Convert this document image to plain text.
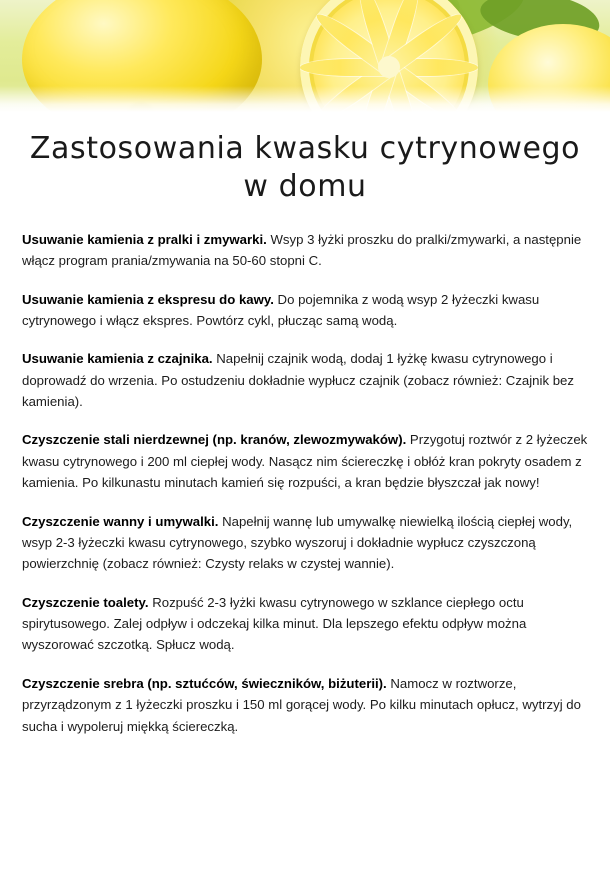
Zastosowania kwasku cytrynowego w domu

Usuwanie kamienia z pralki i zmywarki. Wsyp 3 łyżki proszku do pralki/zmywarki, a następnie włącz program prania/zmywania na 50-60 stopni C.

Usuwanie kamienia z ekspresu do kawy. Do pojemnika z wodą wsyp 2 łyżeczki kwasu cytrynowego i włącz ekspres. Powtórz cykl, płucząc samą wodą.

Usuwanie kamienia z czajnika. Napełnij czajnik wodą, dodaj 1 łyżkę kwasu cytrynowego i doprowadź do wrzenia. Po ostudzeniu dokładnie wypłucz czajnik (zobacz również: Czajnik bez kamienia).

Czyszczenie stali nierdzewnej (np. kranów, zlewozmywaków). Przygotuj roztwór z 2 łyżeczek kwasu cytrynowego i 200 ml ciepłej wody. Nasącz nim ściereczkę i obłóż kran pokryty osadem z kamienia. Po kilkunastu minutach kamień się rozpuści, a kran będzie błyszczał jak nowy!

Czyszczenie wanny i umywalki. Napełnij wannę lub umywalkę niewielką ilością ciepłej wody, wsyp 2-3 łyżeczki kwasu cytrynowego, szybko wyszoruj i dokładnie wypłucz czyszczoną powierzchnię (zobacz również: Czysty relaks w czystej wannie).

Czyszczenie toalety. Rozpuść 2-3 łyżki kwasu cytrynowego w szklance ciepłego octu spirytusowego. Zalej odpływ i odczekaj kilka minut. Dla lepszego efektu odpływ można wyszorować szczotką. Spłucz wodą.

Czyszczenie srebra (np. sztućców, świeczników, biżuterii). Namocz w roztworze, przyrządzonym z 1 łyżeczki proszku i 150 ml gorącej wody. Po kilku minutach opłucz, wytrzyj do sucha i wypoleruj miękką ściereczką.
